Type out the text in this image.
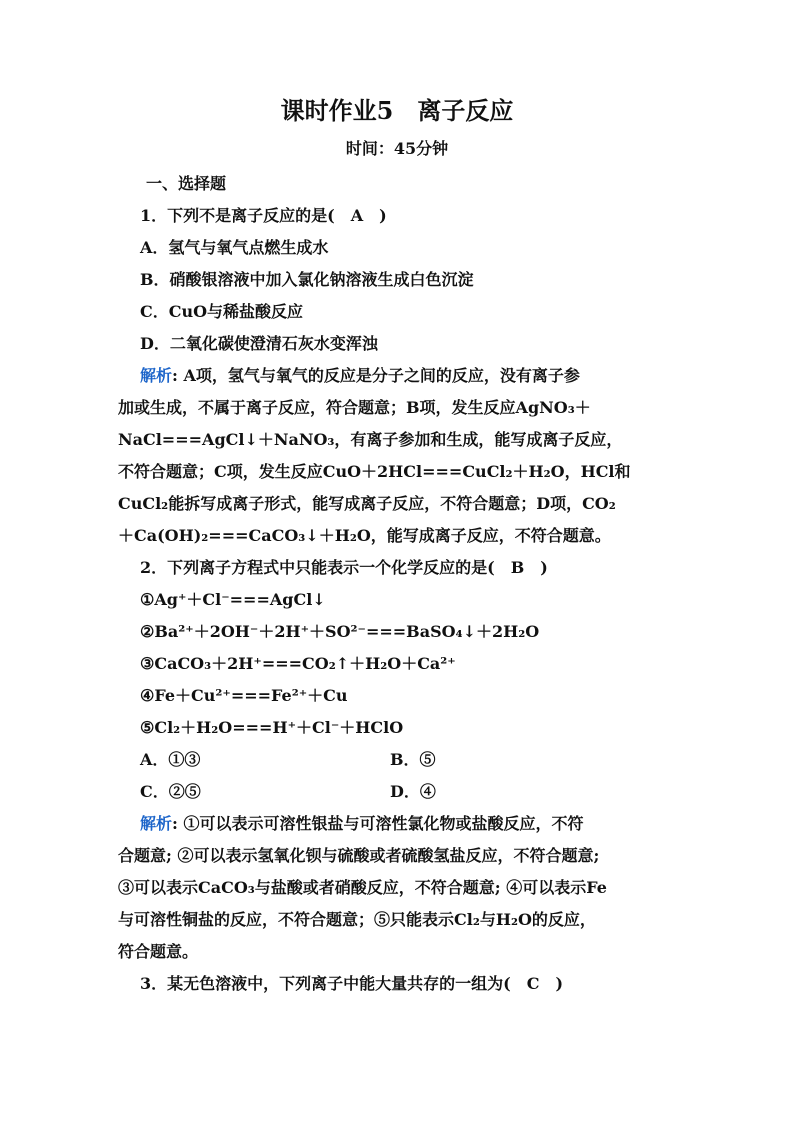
课时作业5　离子反应
时间：45分钟
一、选择题
1．下列不是离子反应的是(　A　)
A．氢气与氧气点燃生成水
B．硝酸银溶液中加入氯化钠溶液生成白色沉淀
C．CuO与稀盐酸反应
D．二氧化碳使澄清石灰水变浑浊
解析: A项，氢气与氧气的反应是分子之间的反应，没有离子参
加或生成，不属于离子反应，符合题意；B项，发生反应AgNO₃＋
NaCl===AgCl↓＋NaNO₃，有离子参加和生成，能写成离子反应，
不符合题意；C项，发生反应CuO＋2HCl===CuCl₂＋H₂O，HCl和
CuCl₂能拆写成离子形式，能写成离子反应，不符合题意；D项，CO₂
＋Ca(OH)₂===CaCO₃↓＋H₂O，能写成离子反应，不符合题意。
2．下列离子方程式中只能表示一个化学反应的是(　B　)
①Ag⁺＋Cl⁻===AgCl↓
②Ba²⁺＋2OH⁻＋2H⁺＋SO²⁻===BaSO₄↓＋2H₂O
③CaCO₃＋2H⁺===CO₂↑＋H₂O＋Ca²⁺
④Fe＋Cu²⁺===Fe²⁺＋Cu
⑤Cl₂＋H₂O===H⁺＋Cl⁻＋HClO
A．①③	B．⑤
C．②⑤	D．④
解析: ①可以表示可溶性银盐与可溶性氯化物或盐酸反应，不符
合题意; ②可以表示氢氧化钡与硫酸或者硫酸氢盐反应，不符合题意;
③可以表示CaCO₃与盐酸或者硝酸反应，不符合题意; ④可以表示Fe
与可溶性铜盐的反应，不符合题意；⑤只能表示Cl₂与H₂O的反应，
符合题意。
3．某无色溶液中，下列离子中能大量共存的一组为(　C　)
